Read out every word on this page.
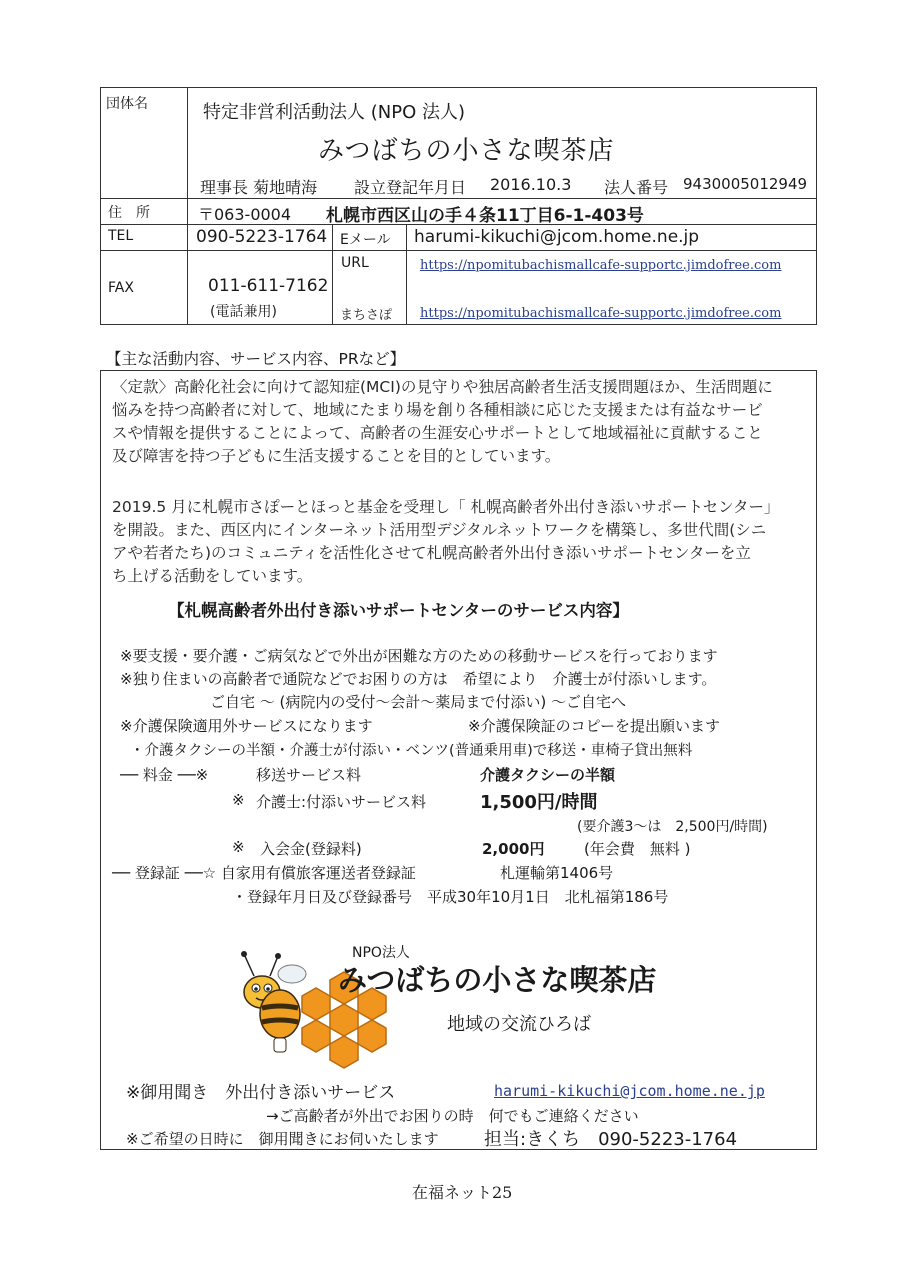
団体名	特定非営利活動法人 (NPO 法人)
みつばちの小さな喫茶店
理事長 菊地晴海 設立登記年月日 2016.10.3 法人番号 9430005012949
住　所	〒063-0004 札幌市西区山の手４条11丁目6-1-403号
TEL	090-5223-1764 Eメール harumi-kikuchi@jcom.home.ne.jp
FAX	011-611-7162
(電話兼用)
URL	https://npomitubachismallcafe-supportc.jimdofree.com
まちさぽ https://npomitubachismallcafe-supportc.jimdofree.com
【主な活動内容、サービス内容、PRなど】
〈定款〉高齢化社会に向けて認知症(MCI)の見守りや独居高齢者生活支援問題ほか、生活問題に
悩みを持つ高齢者に対して、地域にたまり場を創り各種相談に応じた支援または有益なサービ
スや情報を提供することによって、高齢者の生涯安心サポートとして地域福祉に貢献すること
及び障害を持つ子どもに生活支援することを目的としています。
2019.5 月に札幌市さぽーとほっと基金を受理し「 札幌高齢者外出付き添いサポートセンター」
を開設。また、西区内にインターネット活用型デジタルネットワークを構築し、多世代間(シニ
アや若者たち)のコミュニティを活性化させて札幌高齢者外出付き添いサポートセンターを立
ち上げる活動をしています。
【札幌高齢者外出付き添いサポートセンターのサービス内容】
※要支援・要介護・ご病気などで外出が困難な方のための移動サービスを行っております
※独り住まいの高齢者で通院などでお困りの方は　希望により　介護士が付添いします。
ご自宅 ～ (病院内の受付～会計～薬局まで付添い) ～ご自宅へ
※介護保険適用外サービスになります	※介護保険証のコピーを提出願います
・介護タクシーの半額・介護士が付添い・ベンツ(普通乗用車)で移送・車椅子貸出無料
── 料金 ──※	移送サービス料	介護タクシーの半額
※ 介護士:付添いサービス料	1,500円/時間
(要介護3～は　2,500円/時間)
※ 入会金(登録料)	2,000円	(年会費　無料 )
── 登録証 ──☆ 自家用有償旅客運送者登録証	札運輸第1406号
・登録年月日及び登録番号　平成30年10月1日　北札福第186号
NPO法人
みつばちの小さな喫茶店
地域の交流ひろば
※御用聞き　外出付き添いサービス	harumi-kikuchi@jcom.home.ne.jp
→ご高齢者が外出でお困りの時　何でもご連絡ください
※ご希望の日時に　御用聞きにお伺いたします	担当:きくち　090-5223-1764
在福ネット25
